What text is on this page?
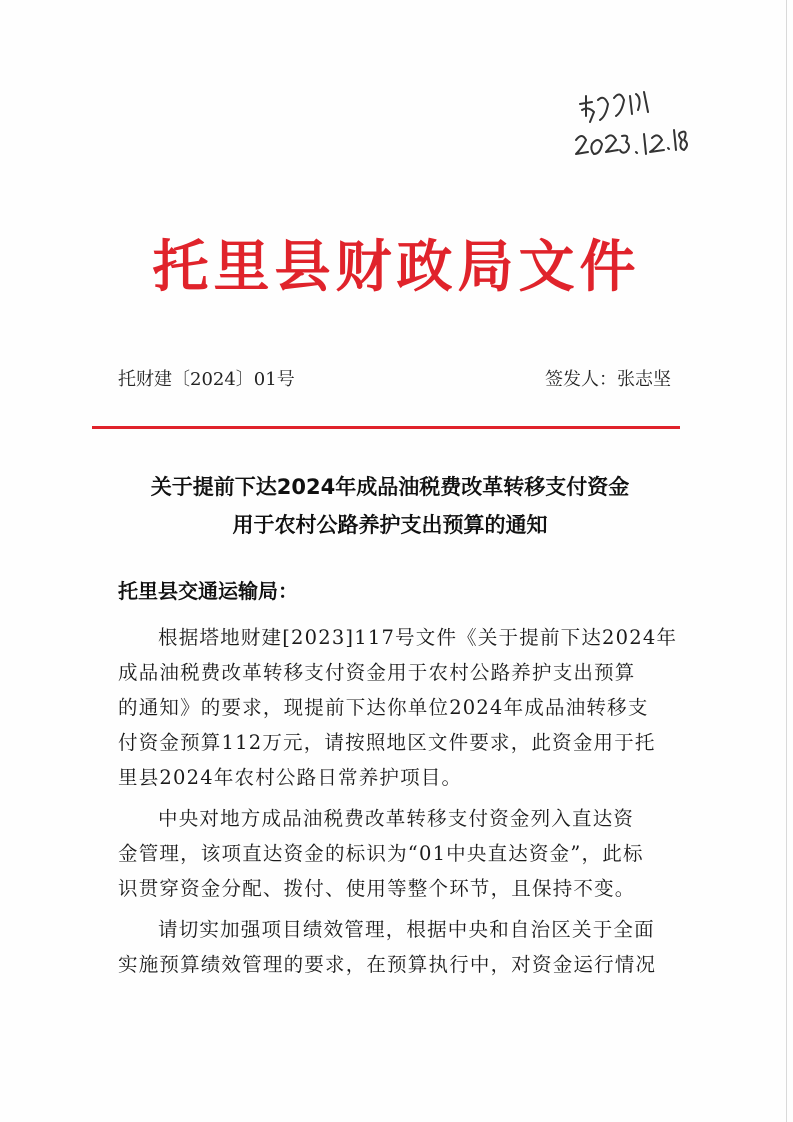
托里县财政局文件
托财建〔2024〕01号	签发人：张志坚
关于提前下达2024年成品油税费改革转移支付资金
用于农村公路养护支出预算的通知
托里县交通运输局：
根据塔地财建[2023]117号文件《关于提前下达2024年
成品油税费改革转移支付资金用于农村公路养护支出预算
的通知》的要求，现提前下达你单位2024年成品油转移支
付资金预算112万元，请按照地区文件要求，此资金用于托
里县2024年农村公路日常养护项目。
中央对地方成品油税费改革转移支付资金列入直达资
金管理，该项直达资金的标识为“01中央直达资金”，此标
识贯穿资金分配、拨付、使用等整个环节，且保持不变。
请切实加强项目绩效管理，根据中央和自治区关于全面
实施预算绩效管理的要求，在预算执行中，对资金运行情况
